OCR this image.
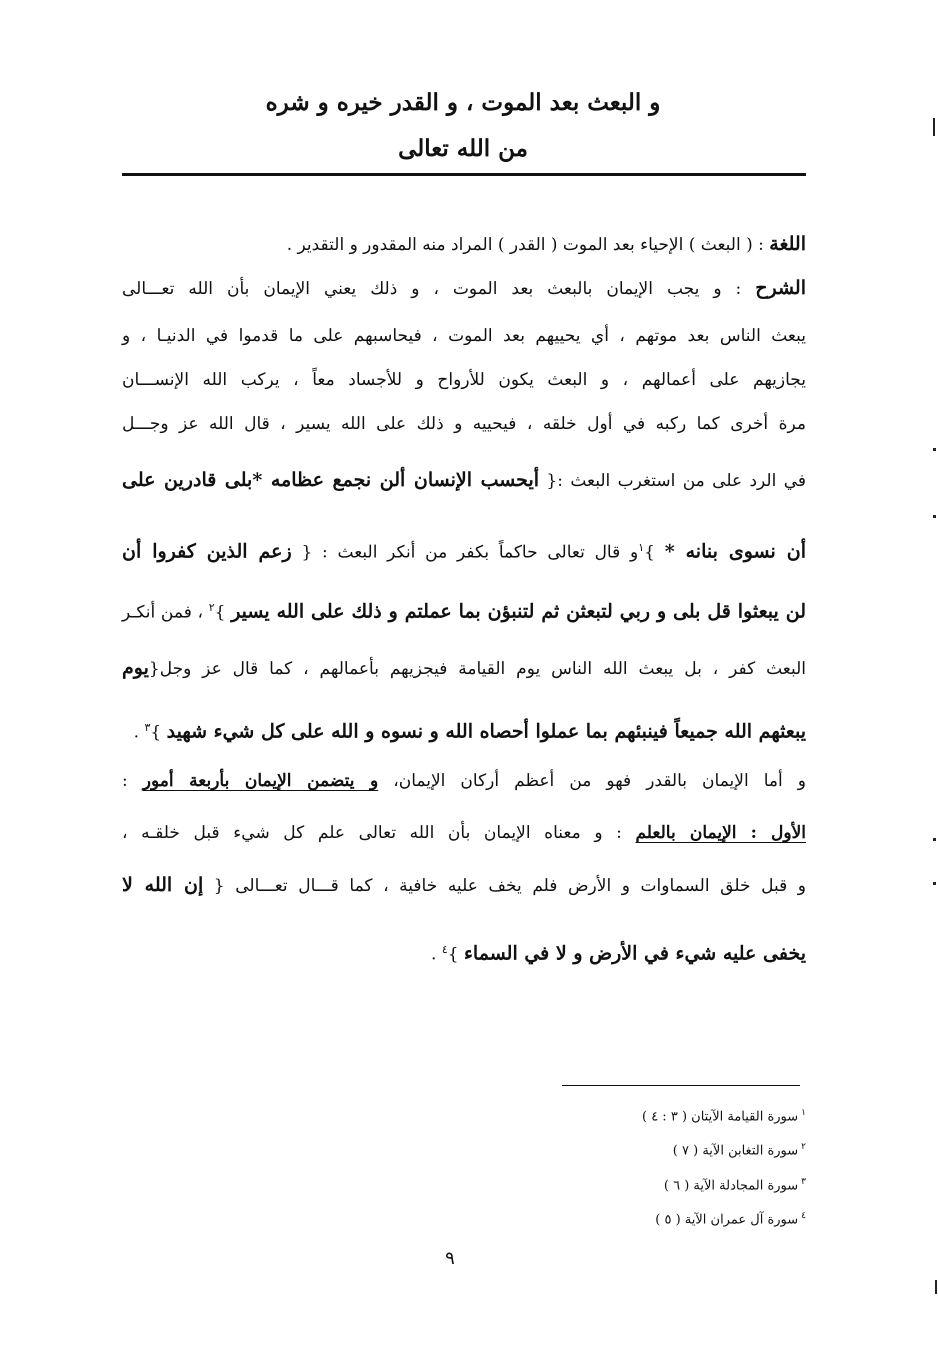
و البعث بعد الموت ، و القدر خيره و شره
من الله تعالى
اللغة : ( البعث ) الإحياء بعد الموت ( القدر ) المراد منه المقدور و التقدير .
الشرح : و يجب الإيمان بالبعث بعد الموت ، و ذلك يعني الإيمان بأن الله تعـــالى
يبعث الناس بعد موتهم ، أي يحييهم بعد الموت ، فيحاسبهم على ما قدموا في الدنيـا ، و
يجازيهم على أعمالهم ، و البعث يكون للأرواح و للأجساد معاً ، يركب الله الإنســـان
مرة أخرى كما ركبه في أول خلقه ، فيحييه و ذلك على الله يسير ، قال الله عز وجـــل
في الرد على من استغرب البعث :{ أيحسب الإنسان ألن نجمع عظامه *بلى قادرين على
أن نسوى بنانه * }$^١$و قال تعالى حاكماً بكفر من أنكر البعث : { زعم الذين كفروا أن
لن يبعثوا قل بلى و ربي لتبعثن ثم لتنبؤن بما عملتم و ذلك على الله يسير }$^٢$ ، فمن أنكـر
البعث كفر ، بل يبعث الله الناس يوم القيامة فيجزيهم بأعمالهم ، كما قال عز وجل{يوم
يبعثهم الله جميعاً فينبئهم بما عملوا أحصاه الله و نسوه و الله على كل شيء شهيد }$^٣$ .
و أما الإيمان بالقدر فهو من أعظم أركان الإيمان، و يتضمن الإيمان بأربعة أمور :
الأول : الإيمان بالعلم : و معناه الإيمان بأن الله تعالى علم كل شيء قبل خلقـه ،
و قبل خلق السماوات و الأرض فلم يخف عليه خافية ، كما قـــال تعـــالى { إن الله لا
يخفى عليه شيء في الأرض و لا في السماء }$^٤$ .
$^١$سورة القيامة الآيتان ( ٣ : ٤ )
$^٢$سورة التغابن الآية ( ٧ )
$^٣$سورة المجادلة الآية ( ٦ )
$^٤$سورة آل عمران الآية ( ٥ )
٩
